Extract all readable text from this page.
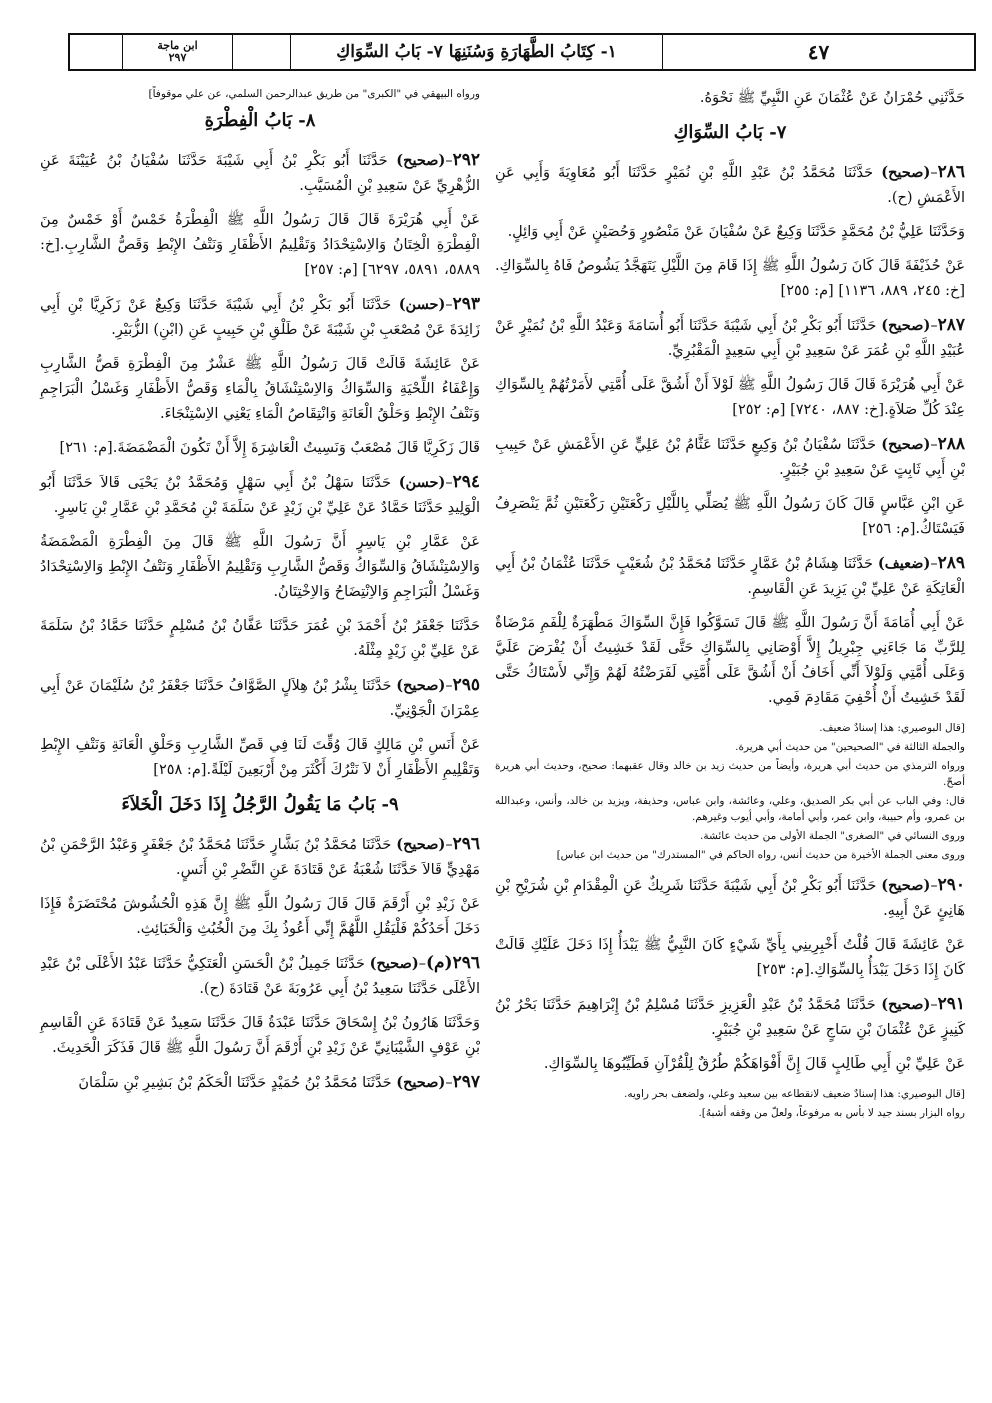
ابن ماجة
٢٩٧	١- كِتَابُ الطَّهَارَةِ وَسُنَنِهَا ٧- بَابُ السِّوَاكِ	٤٧

حَدَّثَنِي حُمْرَانُ عَنْ عُثْمَانَ عَنِ النَّبِيِّ ﷺ نَحْوَهُ.

٧- بَابُ السِّوَاكِ

٢٨٦–(صحيح) حَدَّثَنَا مُحَمَّدُ بْنُ عَبْدِ اللَّهِ بْنِ نُمَيْرٍ حَدَّثَنَا أَبُو مُعَاوِيَةَ وَأَبِي عَنِ الأَعْمَشِ (ح).

وَحَدَّثَنَا عَلِيُّ بْنُ مُحَمَّدٍ حَدَّثَنَا وَكِيعٌ عَنْ سُفْيَانَ عَنْ مَنْصُورٍ وَحُصَيْنٍ عَنْ أَبِي وَائِلٍ.

عَنْ حُذَيْفَةَ قَالَ كَانَ رَسُولُ اللَّهِ ﷺ إِذَا قَامَ مِنَ اللَّيْلِ يَتَهَجَّدُ يَشُوصُ فَاهُ بِالسِّوَاكِ.[خ: ٢٤٥، ٨٨٩، ١١٣٦] [م: ٢٥٥]

٢٨٧–(صحيح) حَدَّثَنَا أَبُو بَكْرِ بْنُ أَبِي شَيْبَةَ حَدَّثَنَا أَبُو أُسَامَةَ وَعَبْدُ اللَّهِ بْنُ نُمَيْرٍ عَنْ عُبَيْدِ اللَّهِ بْنِ عُمَرَ عَنْ سَعِيدِ بْنِ أَبِي سَعِيدٍ الْمَقْبُرِيِّ.

عَنْ أَبِي هُرَيْرَةَ قَالَ قَالَ رَسُولُ اللَّهِ ﷺ لَوْلاَ أَنْ أَشُقَّ عَلَى أُمَّتِي لأَمَرْتُهُمْ بِالسِّوَاكِ عِنْدَ كُلِّ صَلاَةٍ.[خ: ٨٨٧، ٧٢٤٠] [م: ٢٥٢]

٢٨٨–(صحيح) حَدَّثَنَا سُفْيَانُ بْنُ وَكِيعٍ حَدَّثَنَا عَثَّامُ بْنُ عَلِيٍّ عَنِ الأَعْمَشِ عَنْ حَبِيبِ بْنِ أَبِي ثَابِتٍ عَنْ سَعِيدِ بْنِ جُبَيْرٍ.

عَنِ ابْنِ عَبَّاسٍ قَالَ كَانَ رَسُولُ اللَّهِ ﷺ يُصَلِّي بِاللَّيْلِ رَكْعَتَيْنِ رَكْعَتَيْنِ ثُمَّ يَنْصَرِفُ فَيَسْتَاكُ.[م: ٢٥٦]

٢٨٩–(ضعيف) حَدَّثَنَا هِشَامُ بْنُ عَمَّارٍ حَدَّثَنَا مُحَمَّدُ بْنُ شُعَيْبٍ حَدَّثَنَا عُثْمَانُ بْنُ أَبِي الْعَاتِكَةِ عَنْ عَلِيِّ بْنِ يَزِيدَ عَنِ الْقَاسِمِ.

عَنْ أَبِي أُمَامَةَ أَنَّ رَسُولَ اللَّهِ ﷺ قَالَ تَسَوَّكُوا فَإِنَّ السِّوَاكَ مَطْهَرَةٌ لِلْفَمِ مَرْضَاةٌ لِلرَّبِّ مَا جَاءَنِي جِبْرِيلُ إِلاَّ أَوْصَانِي بِالسِّوَاكِ حَتَّى لَقَدْ خَشِيتُ أَنْ يُفْرَضَ عَلَيَّ وَعَلَى أُمَّتِي وَلَوْلاَ أَنِّي أَخَافُ أَنْ أَشُقَّ عَلَى أُمَّتِي لَفَرَضْتُهُ لَهُمْ وَإِنِّي لأَسْتَاكُ حَتَّى لَقَدْ خَشِيتُ أَنْ أُحْفِيَ مَقَادِمَ فَمِي.

[قال البوصيري: هذا إسنادٌ ضعيف.
والجملة الثالثة في "الصحيحين" من حديث أبي هريرة.
ورواه الترمذي من حديث أبي هريرة، وأيضاً من حديث زيد بن خالد وقال عقبهما: صحيح، وحديث أبي هريرة أصحّ.
قال: وفي الباب عن أبي بكر الصديق، وعلي، وعائشة، وابن عباس، وحذيفة، ويزيد بن خالد، وأنس، وعبدالله بن عمرو، وأم حبيبة، وابن عمر، وأبي أمامة، وأبي أيوب وغيرهم.
وروى النسائي في "الصغرى" الجملة الأولى من حديث عائشة.
وروى معنى الجملة الأخيرة من حديث أنس، رواه الحاكم في "المستدرك" من حديث ابن عباس]

٢٩٠–(صحيح) حَدَّثَنَا أَبُو بَكْرِ بْنُ أَبِي شَيْبَةَ حَدَّثَنَا شَرِيكٌ عَنِ الْمِقْدَامِ بْنِ شُرَيْحِ بْنِ هَانِئٍ عَنْ أَبِيهِ.

عَنْ عَائِشَةَ قَالَ قُلْتُ أَخْبِرِينِي بِأَيِّ شَيْءٍ كَانَ النَّبِيُّ ﷺ يَبْدَأُ إِذَا دَخَلَ عَلَيْكِ قَالَتْ كَانَ إِذَا دَخَلَ يَبْدَأُ بِالسِّوَاكِ.[م: ٢٥٣]

٢٩١–(صحيح) حَدَّثَنَا مُحَمَّدُ بْنُ عَبْدِ الْعَزِيزِ حَدَّثَنَا مُسْلِمُ بْنُ إِبْرَاهِيمَ حَدَّثَنَا بَحْرُ بْنُ كَنِيزٍ عَنْ عُثْمَانَ بْنِ سَاجٍ عَنْ سَعِيدِ بْنِ جُبَيْرٍ.

عَنْ عَلِيِّ بْنِ أَبِي طَالِبٍ قَالَ إِنَّ أَفْوَاهَكُمْ طُرُقٌ لِلْقُرْآنِ فَطَيِّبُوهَا بِالسِّوَاكِ.

[قال البوصيري: هذا إسنادٌ ضعيف لانقطاعه بين سعيد وعلي، ولضعف بحر راويه.
رواه البزار بسند جيد لا بأس به مرفوعاً، ولعلّ من وقفه أشبهُ].
ورواه البيهقي في "الكبرى" من طريق عبدالرحمن السلمي، عن علي موقوفاً]
٨- بَابُ الْفِطْرَةِ

٢٩٢–(صحيح) حَدَّثَنَا أَبُو بَكْرِ بْنُ أَبِي شَيْبَةَ حَدَّثَنَا سُفْيَانُ بْنُ عُيَيْنَةَ عَنِ الزُّهْرِيِّ عَنْ سَعِيدِ بْنِ الْمُسَيَّبِ.

عَنْ أَبِي هُرَيْرَةَ قَالَ قَالَ رَسُولُ اللَّهِ ﷺ الْفِطْرَةُ خَمْسٌ أَوْ خَمْسٌ مِنَ الْفِطْرَةِ الْخِتَانُ وَالاِسْتِحْدَادُ وَتَقْلِيمُ الأَظْفَارِ وَنَتْفُ الإِبْطِ وَقَصُّ الشَّارِبِ.[خ: ٥٨٨٩، ٥٨٩١، ٦٢٩٧] [م: ٢٥٧]

٢٩٣–(حسن) حَدَّثَنَا أَبُو بَكْرِ بْنُ أَبِي شَيْبَةَ حَدَّثَنَا وَكِيعٌ عَنْ زَكَرِيَّا بْنِ أَبِي زَائِدَةَ عَنْ مُصْعَبِ بْنِ شَيْبَةَ عَنْ طَلْقِ بْنِ حَبِيبٍ عَنِ (ابْنِ) الزُّبَيْرِ.

عَنْ عَائِشَةَ قَالَتْ قَالَ رَسُولُ اللَّهِ ﷺ عَشْرٌ مِنَ الْفِطْرَةِ قَصُّ الشَّارِبِ وَإِعْفَاءُ اللِّحْيَةِ وَالسِّوَاكُ وَالاِسْتِنْشَاقُ بِالْمَاءِ وَقَصُّ الأَظْفَارِ وَغَسْلُ الْبَرَاجِمِ وَنَتْفُ الإِبْطِ وَحَلْقُ الْعَانَةِ وَانْتِقَاصُ الْمَاءِ يَعْنِي الاِسْتِنْجَاءَ.

قَالَ زَكَرِيَّا قَالَ مُصْعَبٌ وَنَسِيتُ الْعَاشِرَةَ إِلاَّ أَنْ تَكُونَ الْمَضْمَضَةَ.[م: ٢٦١]

٢٩٤–(حسن) حَدَّثَنَا سَهْلُ بْنُ أَبِي سَهْلٍ وَمُحَمَّدُ بْنُ يَحْيَى قَالاَ حَدَّثَنَا أَبُو الْوَلِيدِ حَدَّثَنَا حَمَّادٌ عَنْ عَلِيِّ بْنِ زَيْدٍ عَنْ سَلَمَةَ بْنِ مُحَمَّدِ بْنِ عَمَّارِ بْنِ يَاسِرٍ.

عَنْ عَمَّارِ بْنِ يَاسِرٍ أَنَّ رَسُولَ اللَّهِ ﷺ قَالَ مِنَ الْفِطْرَةِ الْمَضْمَضَةُ وَالاِسْتِنْشَاقُ وَالسِّوَاكُ وَقَصُّ الشَّارِبِ وَتَقْلِيمُ الأَظْفَارِ وَنَتْفُ الإِبْطِ وَالاِسْتِحْدَادُ وَغَسْلُ الْبَرَاجِمِ وَالاِنْتِضَاحُ وَالاِخْتِتَانُ.

حَدَّثَنَا جَعْفَرُ بْنُ أَحْمَدَ بْنِ عُمَرَ حَدَّثَنَا عَفَّانُ بْنُ مُسْلِمٍ حَدَّثَنَا حَمَّادُ بْنُ سَلَمَةَ عَنْ عَلِيِّ بْنِ زَيْدٍ مِثْلَهُ.

٢٩٥–(صحيح) حَدَّثَنَا بِشْرُ بْنُ هِلاَلٍ الصَّوَّافُ حَدَّثَنَا جَعْفَرُ بْنُ سُلَيْمَانَ عَنْ أَبِي عِمْرَانَ الْجَوْنِيِّ.

عَنْ أَنَسِ بْنِ مَالِكٍ قَالَ وُقِّتَ لَنَا فِي قَصِّ الشَّارِبِ وَحَلْقِ الْعَانَةِ وَنَتْفِ الإِبْطِ وَتَقْلِيمِ الأَظْفَارِ أَنْ لاَ نَتْرُكَ أَكْثَرَ مِنْ أَرْبَعِينَ لَيْلَةً.[م: ٢٥٨]

٩- بَابُ مَا يَقُولُ الرَّجُلُ إِذَا دَخَلَ الْخَلاَءَ

٢٩٦–(صحيح) حَدَّثَنَا مُحَمَّدُ بْنُ بَشَّارٍ حَدَّثَنَا مُحَمَّدُ بْنُ جَعْفَرٍ وَعَبْدُ الرَّحْمَنِ بْنُ مَهْدِيٍّ قَالاَ حَدَّثَنَا شُعْبَةُ عَنْ قَتَادَةَ عَنِ النَّضْرِ بْنِ أَنَسٍ.

عَنْ زَيْدِ بْنِ أَرْقَمَ قَالَ قَالَ رَسُولُ اللَّهِ ﷺ إِنَّ هَذِهِ الْحُشُوشَ مُحْتَضَرَةٌ فَإِذَا دَخَلَ أَحَدُكُمْ فَلْيَقُلِ اللَّهُمَّ إِنِّي أَعُوذُ بِكَ مِنَ الْخُبُثِ وَالْخَبَائِثِ.

٢٩٦(م)–(صحيح) حَدَّثَنَا جَمِيلُ بْنُ الْحَسَنِ الْعَتَكِيُّ حَدَّثَنَا عَبْدُ الأَعْلَى بْنُ عَبْدِ الأَعْلَى حَدَّثَنَا سَعِيدُ بْنُ أَبِي عَرُوبَةَ عَنْ قَتَادَةَ (ح).

وَحَدَّثَنَا هَارُونُ بْنُ إِسْحَاقَ حَدَّثَنَا عَبْدَةُ قَالَ حَدَّثَنَا سَعِيدٌ عَنْ قَتَادَةَ عَنِ الْقَاسِمِ بْنِ عَوْفٍ الشَّيْبَانِيِّ عَنْ زَيْدِ بْنِ أَرْقَمَ أَنَّ رَسُولَ اللَّهِ ﷺ قَالَ فَذَكَرَ الْحَدِيثَ.

٢٩٧–(صحيح) حَدَّثَنَا مُحَمَّدُ بْنُ حُمَيْدٍ حَدَّثَنَا الْحَكَمُ بْنُ بَشِيرِ بْنِ سَلْمَانَ
